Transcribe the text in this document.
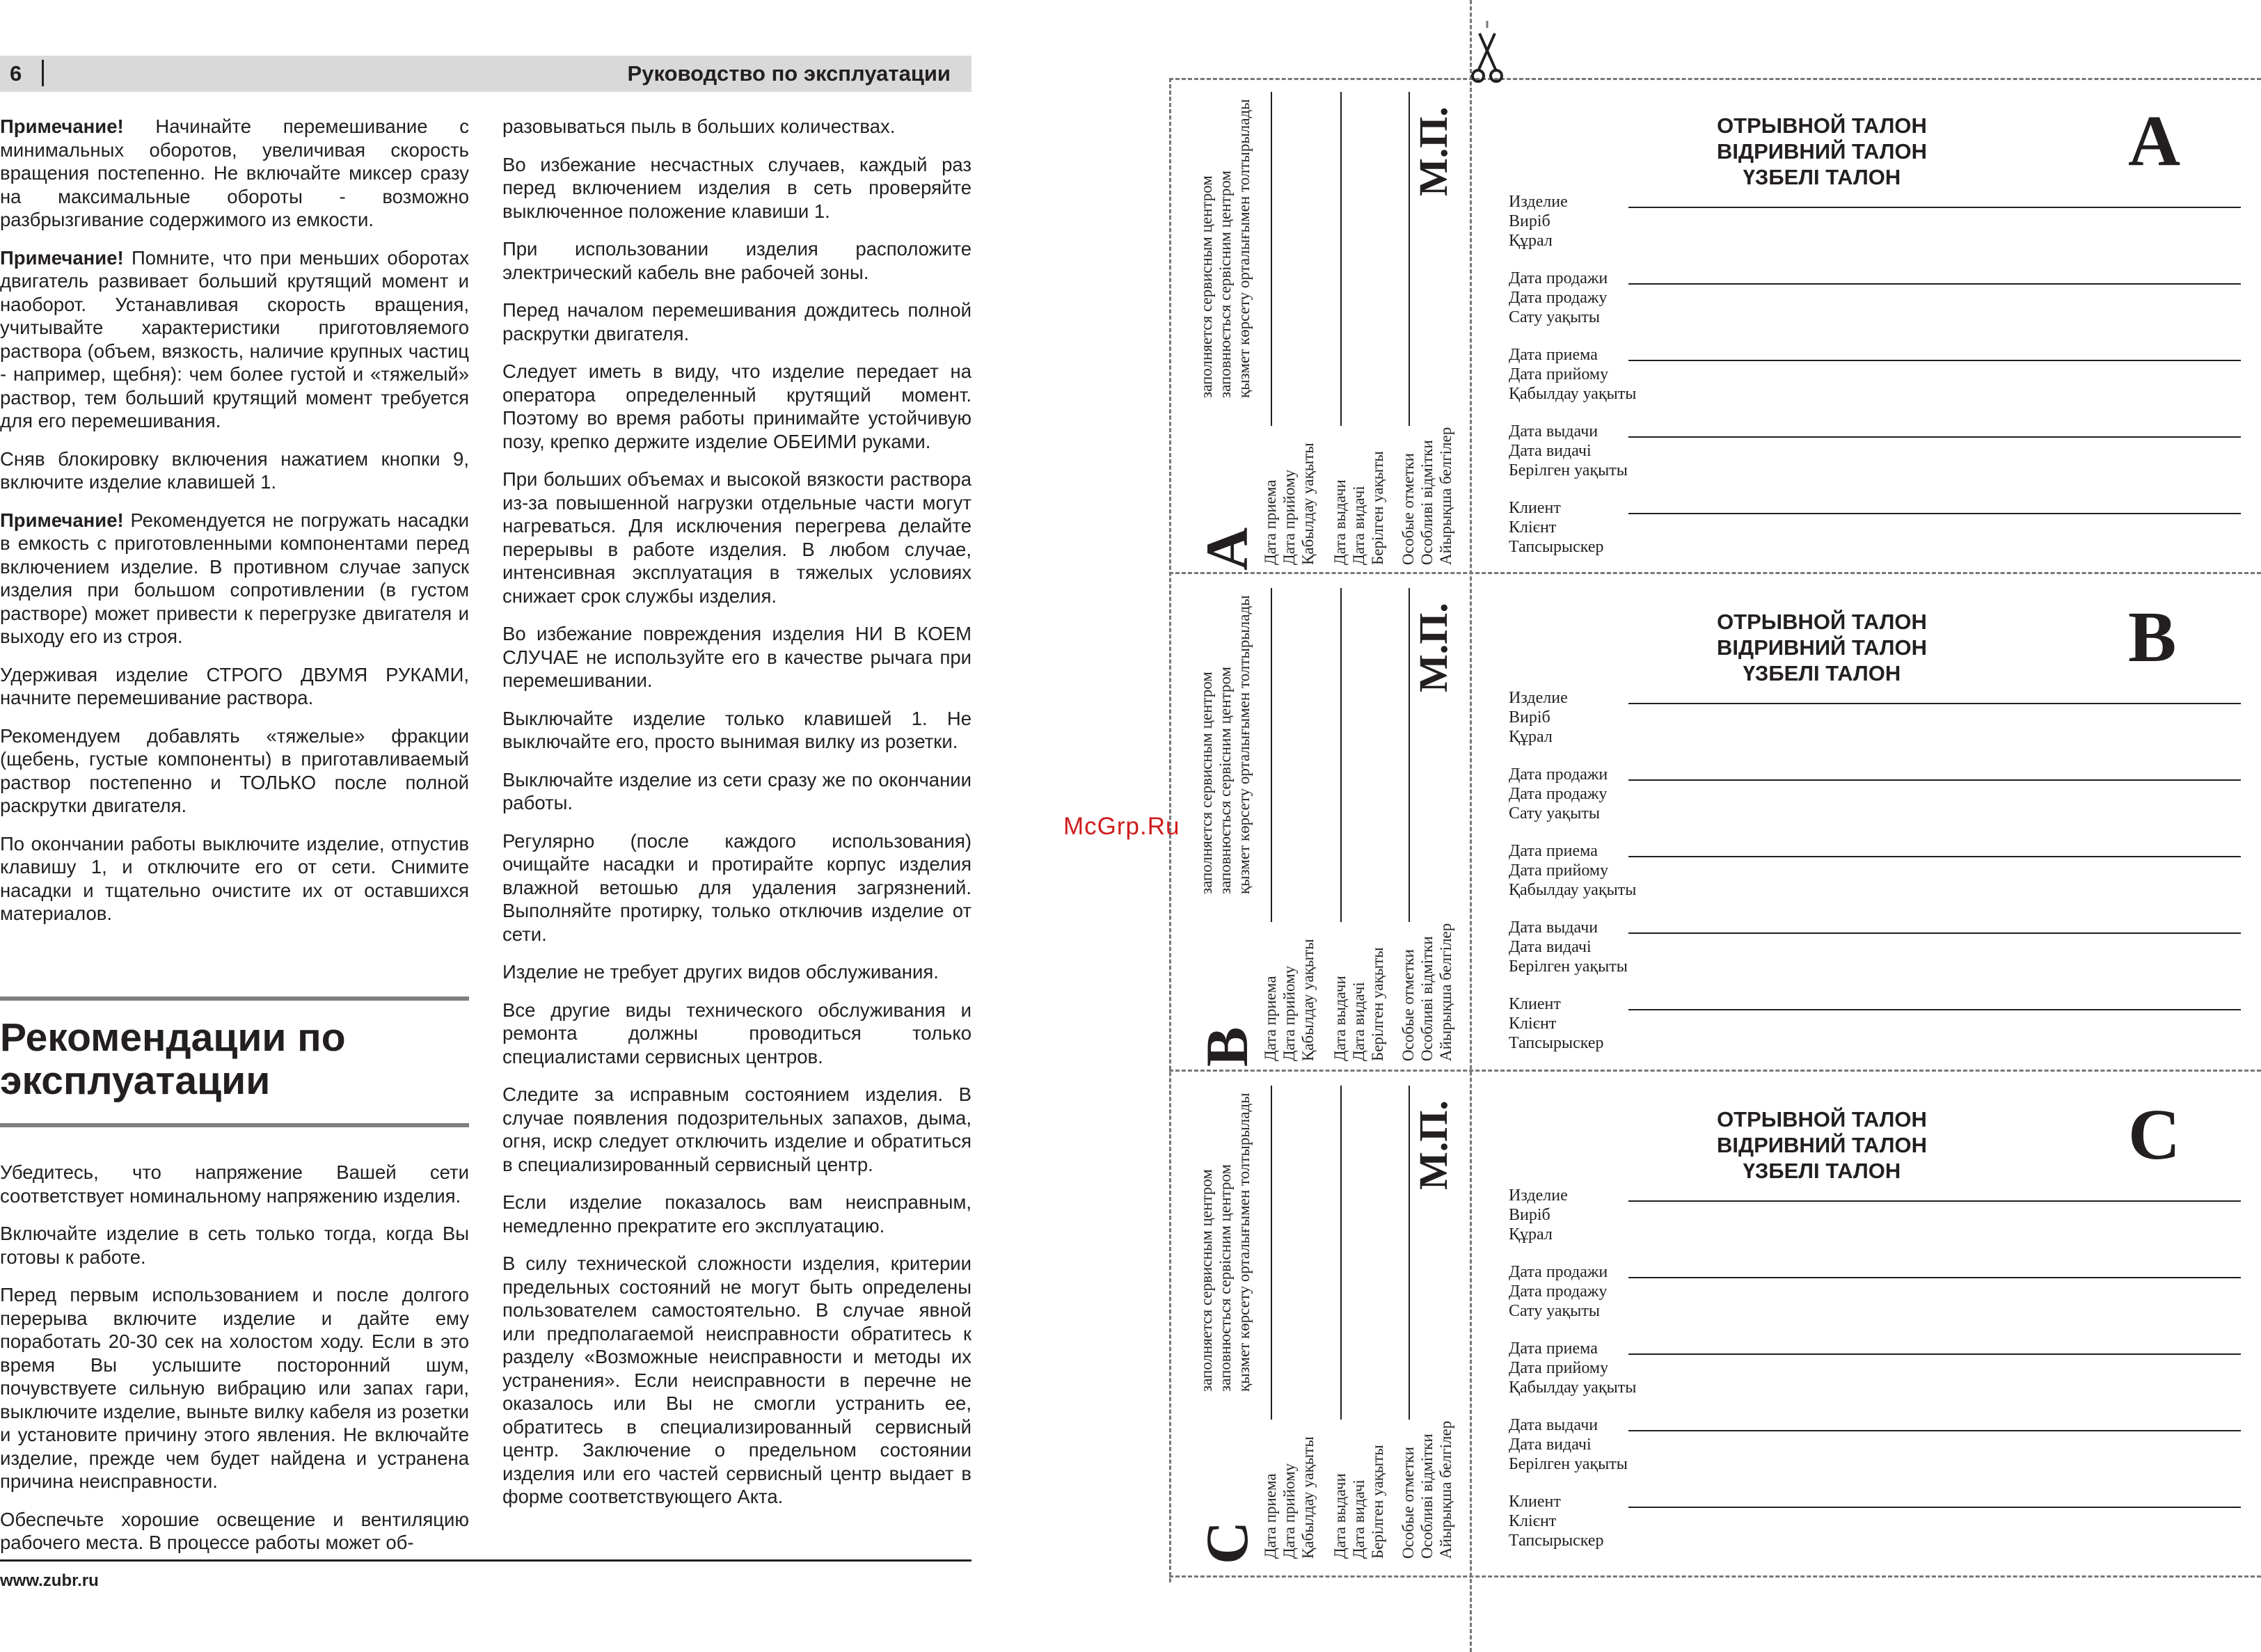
6	Руководство по эксплуатации

Примечание! Начинайте перемешивание с минимальных оборотов, увеличивая скорость вращения постепенно. Не включайте миксер сразу на максимальные обороты - возможно разбрызгивание содержимого из емкости.

Примечание! Помните, что при меньших оборотах двигатель развивает больший крутящий момент и наоборот. Устанавливая скорость вращения, учитывайте характеристики приготовляемого раствора (объем, вязкость, наличие крупных частиц - например, щебня): чем более густой и «тяжелый» раствор, тем больший крутящий момент требуется для его перемешивания.

Сняв блокировку включения нажатием кнопки 9, включите изделие клавишей 1.

Примечание! Рекомендуется не погружать насадки в емкость с приготовленными компонентами перед включением изделие. В противном случае запуск изделия при большом сопротивлении (в густом растворе) может привести к перегрузке двигателя и выходу его из строя.

Удерживая изделие СТРОГО ДВУМЯ РУКАМИ, начните перемешивание раствора.

Рекомендуем добавлять «тяжелые» фракции (щебень, густые компоненты) в приготавливаемый раствор постепенно и ТОЛЬКО после полной раскрутки двигателя.

По окончании работы выключите изделие, отпустив клавишу 1, и отключите его от сети. Снимите насадки и тщательно очистите их от оставшихся материалов.

Рекомендации по эксплуатации

Убедитесь, что напряжение Вашей сети соответствует номинальному напряжению изделия.

Включайте изделие в сеть только тогда, когда Вы готовы к работе.

Перед первым использованием и после долгого перерыва включите изделие и дайте ему поработать 20-30 сек на холостом ходу. Если в это время Вы услышите посторонний шум, почувствуете сильную вибрацию или запах гари, выключите изделие, выньте вилку кабеля из розетки и установите причину этого явления. Не включайте изделие, прежде чем будет найдена и устранена причина неисправности.

Обеспечьте хорошие освещение и вентиляцию рабочего места. В процессе работы может об-

разовываться пыль в больших количествах.

Во избежание несчастных случаев, каждый раз перед включением изделия в сеть проверяйте выключенное положение клавиши 1.

При использовании изделия расположите электрический кабель вне рабочей зоны.

Перед началом перемешивания дождитесь полной раскрутки двигателя.

Следует иметь в виду, что изделие передает на оператора определенный крутящий момент. Поэтому во время работы принимайте устойчивую позу, крепко держите изделие ОБЕИМИ руками.

При больших объемах и высокой вязкости раствора из-за повышенной нагрузки отдельные части могут нагреваться. Для исключения перегрева делайте перерывы в работе изделия. В любом случае, интенсивная эксплуатация в тяжелых условиях снижает срок службы изделия.

Во избежание повреждения изделия НИ В КОЕМ СЛУЧАЕ не используйте его в качестве рычага при перемешивании.

Выключайте изделие только клавишей 1. Не выключайте его, просто вынимая вилку из розетки.

Выключайте изделие из сети сразу же по окончании работы.

Регулярно (после каждого использования) очищайте насадки и протирайте корпус изделия влажной ветошью для удаления загрязнений. Выполняйте протирку, только отключив изделие от сети.

Изделие не требует других видов обслуживания.

Все другие виды технического обслуживания и ремонта должны проводиться только специалистами сервисных центров.

Следите за исправным состоянием изделия. В случае появления подозрительных запахов, дыма, огня, искр следует отключить изделие и обратиться в специализированный сервисный центр.

Если изделие показалось вам неисправным, немедленно прекратите его эксплуатацию.

В силу технической сложности изделия, критерии предельных состояний не могут быть определены пользователем самостоятельно. В случае явной или предполагаемой неисправности обратитесь к разделу «Возможные неисправности и методы их устранения». Если неисправности в перечне не оказалось или Вы не смогли устранить ее, обратитесь в специализированный сервисный центр. Заключение о предельном состоянии изделия или его частей сервисный центр выдает в форме соответствующего Акта.

www.zubr.ru
McGrp.Ru
A Дата приема Дата прийому Қабылдау уақыты Дата выдачи Дата видачі Берілген уақыты Особые отметки Особливі відмітки Айырықша белгілер
заполняется сервисным центром заповнюється сервісним центром қызмет көрсету орталығымен толтырылады	М.П.	ОТРЫВНОЙ ТАЛОН
ВІДРИВНИЙ ТАЛОН
ҮЗБЕЛІ ТАЛОН	A
Изделие
Виріб
Құрал
Дата продажи
Дата продажу
Сату уақыты
Дата приема
Дата прийому
Қабылдау уақыты
Дата выдачи
Дата видачі
Берілген уақыты
Клиент
Клієнт
Тапсырыскер
B Дата приема Дата прийому Қабылдау уақыты Дата выдачи Дата видачі Берілген уақыты Особые отметки Особливі відмітки Айырықша белгілер
заполняется сервисным центром заповнюється сервісним центром қызмет көрсету орталығымен толтырылады	М.П.	ОТРЫВНОЙ ТАЛОН
ВІДРИВНИЙ ТАЛОН
ҮЗБЕЛІ ТАЛОН	B
Изделие
Виріб
Құрал
Дата продажи
Дата продажу
Сату уақыты
Дата приема
Дата прийому
Қабылдау уақыты
Дата выдачи
Дата видачі
Берілген уақыты
Клиент
Клієнт
Тапсырыскер
C Дата приема Дата прийому Қабылдау уақыты Дата выдачи Дата видачі Берілген уақыты Особые отметки Особливі відмітки Айырықша белгілер
заполняется сервисным центром заповнюється сервісним центром қызмет көрсету орталығымен толтырылады	М.П.	ОТРЫВНОЙ ТАЛОН
ВІДРИВНИЙ ТАЛОН
ҮЗБЕЛІ ТАЛОН	C
Изделие
Виріб
Құрал
Дата продажи
Дата продажу
Сату уақыты
Дата приема
Дата прийому
Қабылдау уақыты
Дата выдачи
Дата видачі
Берілген уақыты
Клиент
Клієнт
Тапсырыскер
